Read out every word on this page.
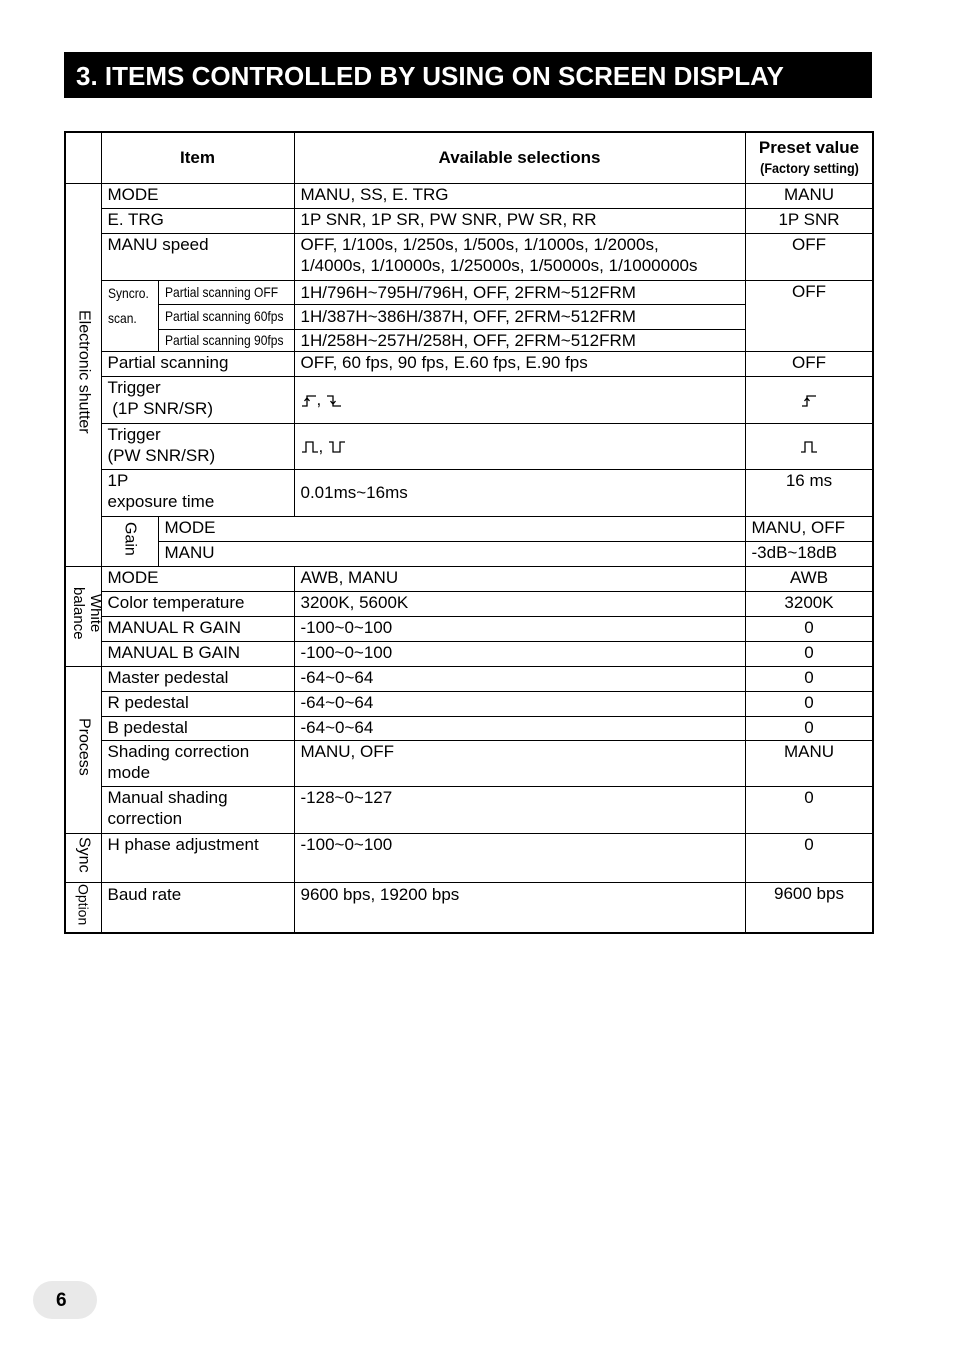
3. ITEMS CONTROLLED BY USING ON SCREEN DISPLAY
	Item		Available selections	Preset value
(Factory setting)	

Electronic shutter	MODE		MANU, SS, E. TRG	MANU	
	E. TRG		1P SNR, 1P SR, PW SNR, PW SR, RR	1P SNR	
	MANU speed		OFF, 1/100s, 1/250s, 1/500s, 1/1000s, 1/2000s,
1/4000s, 1/10000s, 1/25000s, 1/50000s, 1/1000000s	OFF	

	Syncro.
scan.	Partial scanning OFF	1H/796H~795H/796H, OFF, 2FRM~512FRM	OFF	
		Partial scanning 60fps	1H/387H~386H/387H, OFF, 2FRM~512FRM		
		Partial scanning 90fps	1H/258H~257H/258H, OFF, 2FRM~512FRM		
	Partial scanning		OFF, 60 fps, 90 fps, E.60 fps, E.90 fps	OFF	

	Trigger
(1P SNR/SR)		,	

	Trigger
(PW SNR/SR)		,	

	1P
exposure time		0.01ms~16ms	16 ms	
	Gain	MODE		MANU, OFF	
		MANU		-3dB~18dB	
White balance	MODE		AWB, MANU	AWB	
	Color temperature		3200K, 5600K	3200K	
	MANUAL R GAIN		-100~0~100	0	
	MANUAL B GAIN		-100~0~100	0	
Process	Master pedestal		-64~0~64	0	
	R pedestal		-64~0~64	0	
	B pedestal		-64~0~64	0	

	Shading correction
mode		MANU, OFF	MANU	

	Manual shading
correction		-128~0~127	0	
Sync	H phase adjustment		-100~0~100	0	
Option	Baud rate		9600 bps, 19200 bps	9600 bps	
6
